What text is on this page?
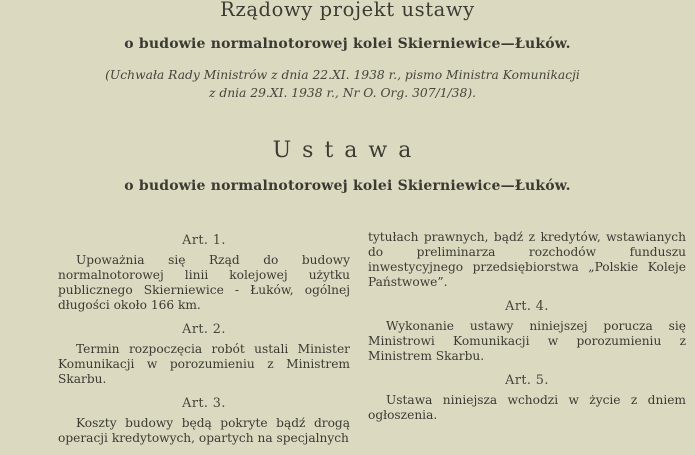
Rządowy projekt ustawy
o budowie normalnotorowej kolei Skierniewice—Łuków.
(Uchwała Rady Ministrów z dnia 22.XI. 1938 r., pismo Ministra Komunikacji
z dnia 29.XI. 1938 r., Nr O. Org. 307/1/38).
Ustawa
o budowie normalnotorowej kolei Skierniewice—Łuków.
Art. 1.

Upoważnia się Rząd do budowy normalnotorowej linii kolejowej użytku publicznego Skierniewice - Łuków, ogólnej długości około 166 km.

Art. 2.

Termin rozpoczęcia robót ustali Minister Komunikacji w porozumieniu z Ministrem Skarbu.

Art. 3.

Koszty budowy będą pokryte bądź drogą operacji kredytowych, opartych na specjalnych

tytułach prawnych, bądź z kredytów, wstawianych do preliminarza rozchodów funduszu inwestycyjnego przedsiębiorstwa „Polskie Koleje Państwowe”.

Art. 4.

Wykonanie ustawy niniejszej porucza się Ministrowi Komunikacji w porozumieniu z Ministrem Skarbu.

Art. 5.

Ustawa niniejsza wchodzi w życie z dniem ogłoszenia.
